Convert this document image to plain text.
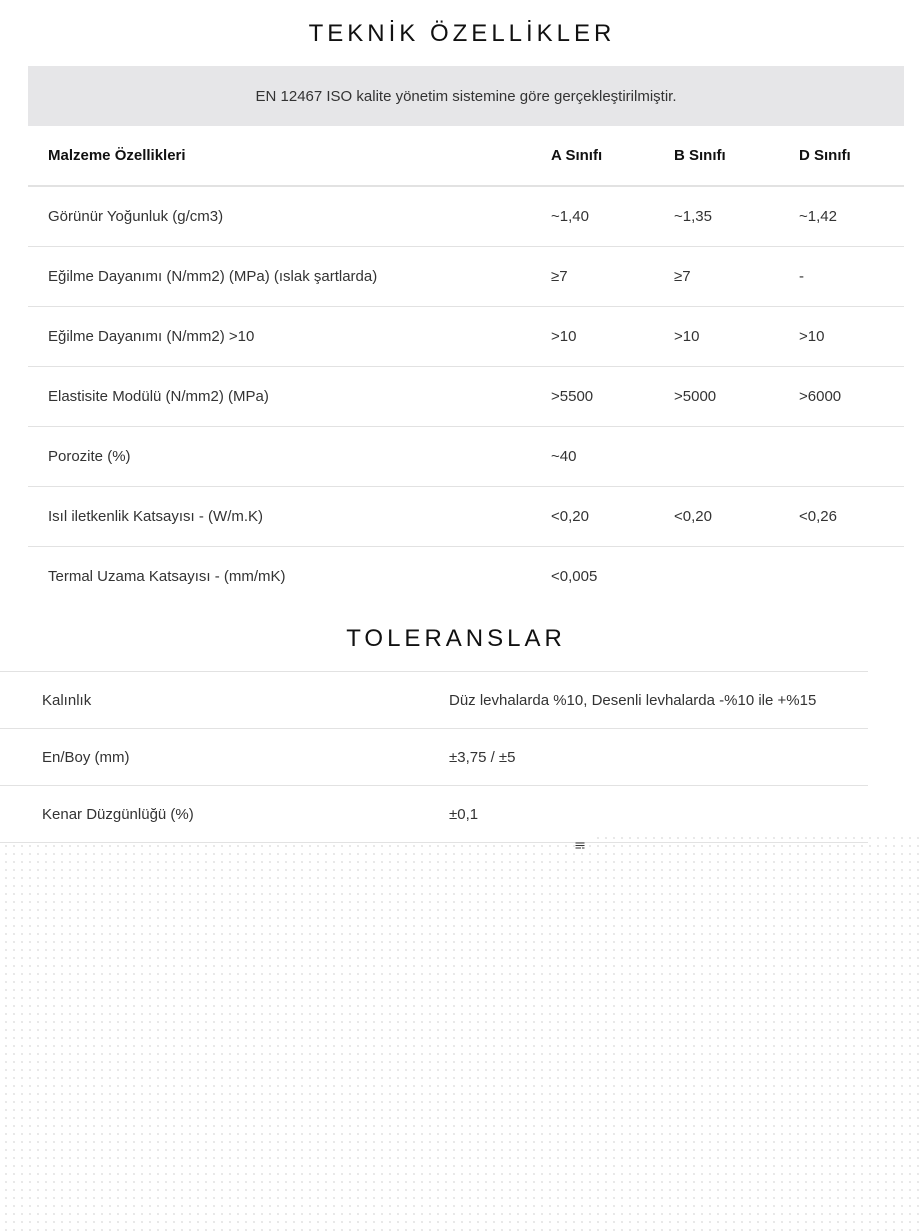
TEKNİK ÖZELLİKLER
EN 12467 ISO kalite yönetim sistemine göre gerçekleştirilmiştir.
Malzeme Özellikleri	A Sınıfı	B Sınıfı	D Sınıfı
Görünür Yoğunluk (g/cm3)	~1,40	~1,35	~1,42
Eğilme Dayanımı (N/mm2) (MPa) (ıslak şartlarda)	≥7	≥7	-
Eğilme Dayanımı (N/mm2) >10	>10	>10	>10
Elastisite Modülü (N/mm2) (MPa)	>5500	>5000	>6000
Porozite (%)	~40		
Isıl iletkenlik Katsayısı - (W/m.K)	<0,20	<0,20	<0,26
Termal Uzama Katsayısı - (mm/mK)	<0,005		
TOLERANSLAR
Kalınlık	Düz levhalarda %10, Desenli levhalarda -%10 ile +%15
En/Boy (mm)	±3,75 / ±5
Kenar Düzgünlüğü (%)	±0,1
